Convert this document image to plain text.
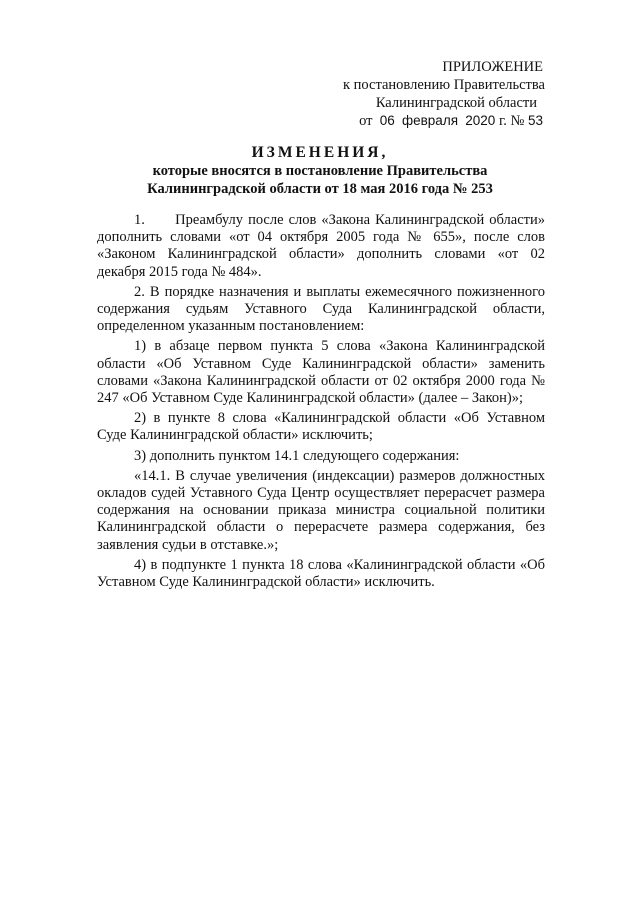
ПРИЛОЖЕНИЕ
к постановлению Правительства
Калининградской области
от 06 февраля 2020 г. № 53
ИЗМЕНЕНИЯ,
которые вносятся в постановление Правительства
Калининградской области от 18 мая 2016 года № 253

1.      Преамбулу после слов «Закона Калининградской области» дополнить словами «от 04 октября 2005 года № 655», после слов «Законом Калининградской области» дополнить словами «от 02 декабря 2015 года № 484».

2. В порядке назначения и выплаты ежемесячного пожизненного содержания судьям Уставного Суда Калининградской области, определенном указанным постановлением:

1) в абзаце первом пункта 5 слова «Закона Калининградской области «Об Уставном Суде Калининградской области» заменить словами «Закона Калининградской области от 02 октября 2000 года № 247 «Об Уставном Суде Калининградской области» (далее – Закон)»;

2) в пункте 8 слова «Калининградской области «Об Уставном Суде Калининградской области» исключить;

3) дополнить пунктом 14.1 следующего содержания:

«14.1. В случае увеличения (индексации) размеров должностных окладов судей Уставного Суда Центр осуществляет перерасчет размера содержания на основании приказа министра социальной политики Калининградской области о перерасчете размера содержания, без заявления судьи в отставке.»;

4) в подпункте 1 пункта 18 слова «Калининградской области «Об Уставном Суде Калининградской области» исключить.
